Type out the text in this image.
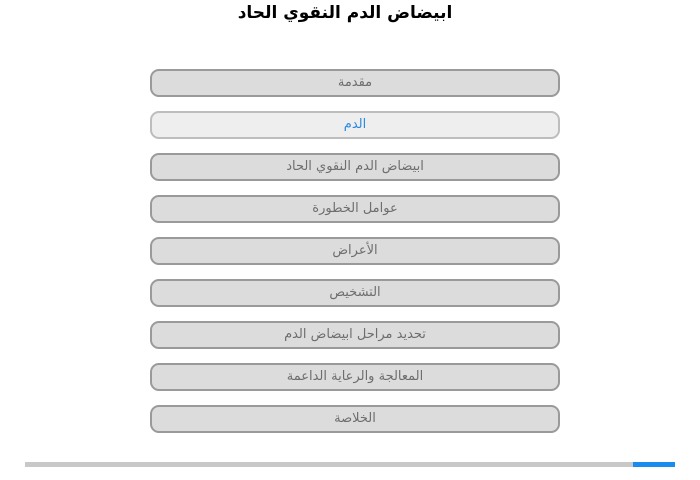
ابيضاض الدم النقوي الحاد
مقدمة
الدم
ابيضاض الدم النقوي الحاد
عوامل الخطورة
الأعراض
التشخيص
تحديد مراحل ابيضاض الدم
المعالجة والرعاية الداعمة
الخلاصة
